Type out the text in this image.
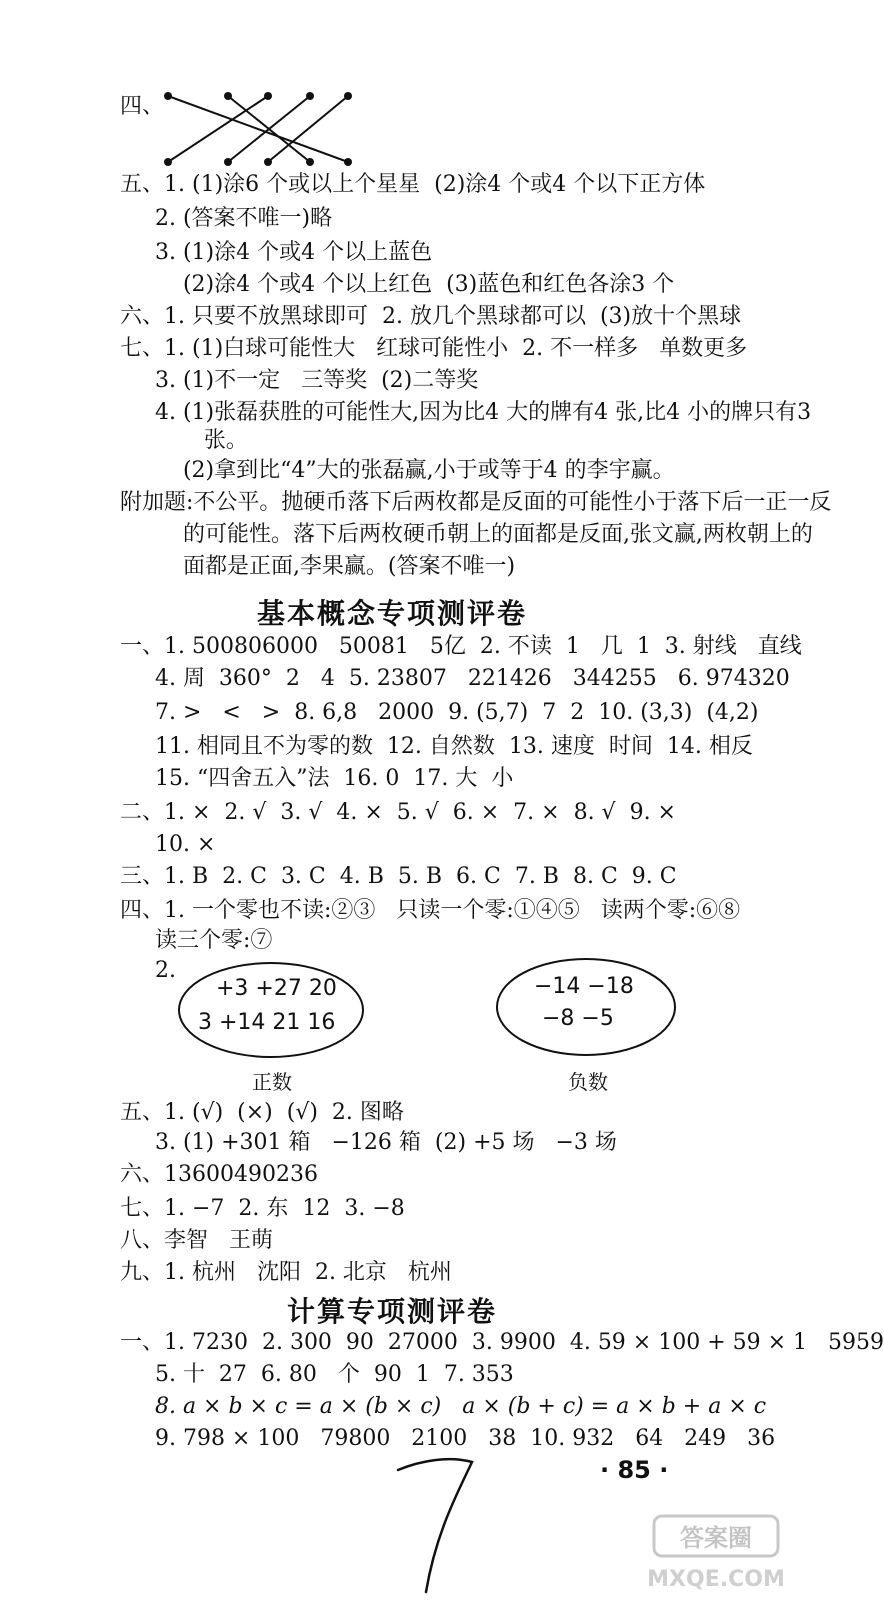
四、
五、1. (1)涂6 个或以上个星星  (2)涂4 个或4 个以下正方体
2. (答案不唯一)略
3. (1)涂4 个或4 个以上蓝色
(2)涂4 个或4 个以上红色  (3)蓝色和红色各涂3 个
六、1. 只要不放黑球即可  2. 放几个黑球都可以  (3)放十个黑球
七、1. (1)白球可能性大   红球可能性小  2. 不一样多   单数更多
3. (1)不一定   三等奖  (2)二等奖
4. (1)张磊获胜的可能性大,因为比4 大的牌有4 张,比4 小的牌只有3
张。
(2)拿到比“4”大的张磊赢,小于或等于4 的李宇赢。
附加题:不公平。抛硬币落下后两枚都是反面的可能性小于落下后一正一反
的可能性。落下后两枚硬币朝上的面都是反面,张文赢,两枚朝上的
面都是正面,李果赢。(答案不唯一)
基本概念专项测评卷
一、1. 500806000   50081   5亿  2. 不读  1   几  1  3. 射线   直线
4. 周  360°  2   4  5. 23807   221426   344255   6. 974320
7. >   <   >  8. 6,8   2000  9. (5,7)  7  2  10. (3,3)  (4,2)
11. 相同且不为零的数  12. 自然数  13. 速度  时间  14. 相反
15. “四舍五入”法  16. 0  17. 大  小
二、1. ×  2. √  3. √  4. ×  5. √  6. ×  7. ×  8. √  9. ×
10. ×
三、1. B  2. C  3. C  4. B  5. B  6. C  7. B  8. C  9. C
四、1. 一个零也不读:②③   只读一个零:①④⑤   读两个零:⑥⑧
读三个零:⑦
2.
+3 +27 20
3 +14 21 16
正数
−14 −18
−8 −5
负数
五、1. (√)  (×)  (√)  2. 图略
3. (1) +301 箱   −126 箱  (2) +5 场   −3 场
六、13600490236
七、1. −7  2. 东  12  3. −8
八、李智   王萌
九、1. 杭州   沈阳  2. 北京   杭州
计算专项测评卷
一、1. 7230  2. 300  90  27000  3. 9900  4. 59 × 100 + 59 × 1   5959
5. 十  27  6. 80   个  90  1  7. 353
8. a × b × c = a × (b × c)   a × (b + c) = a × b + a × c
9. 798 × 100   79800   2100   38  10. 932   64   249   36
· 85 ·
答案圈
MXQE.COM
